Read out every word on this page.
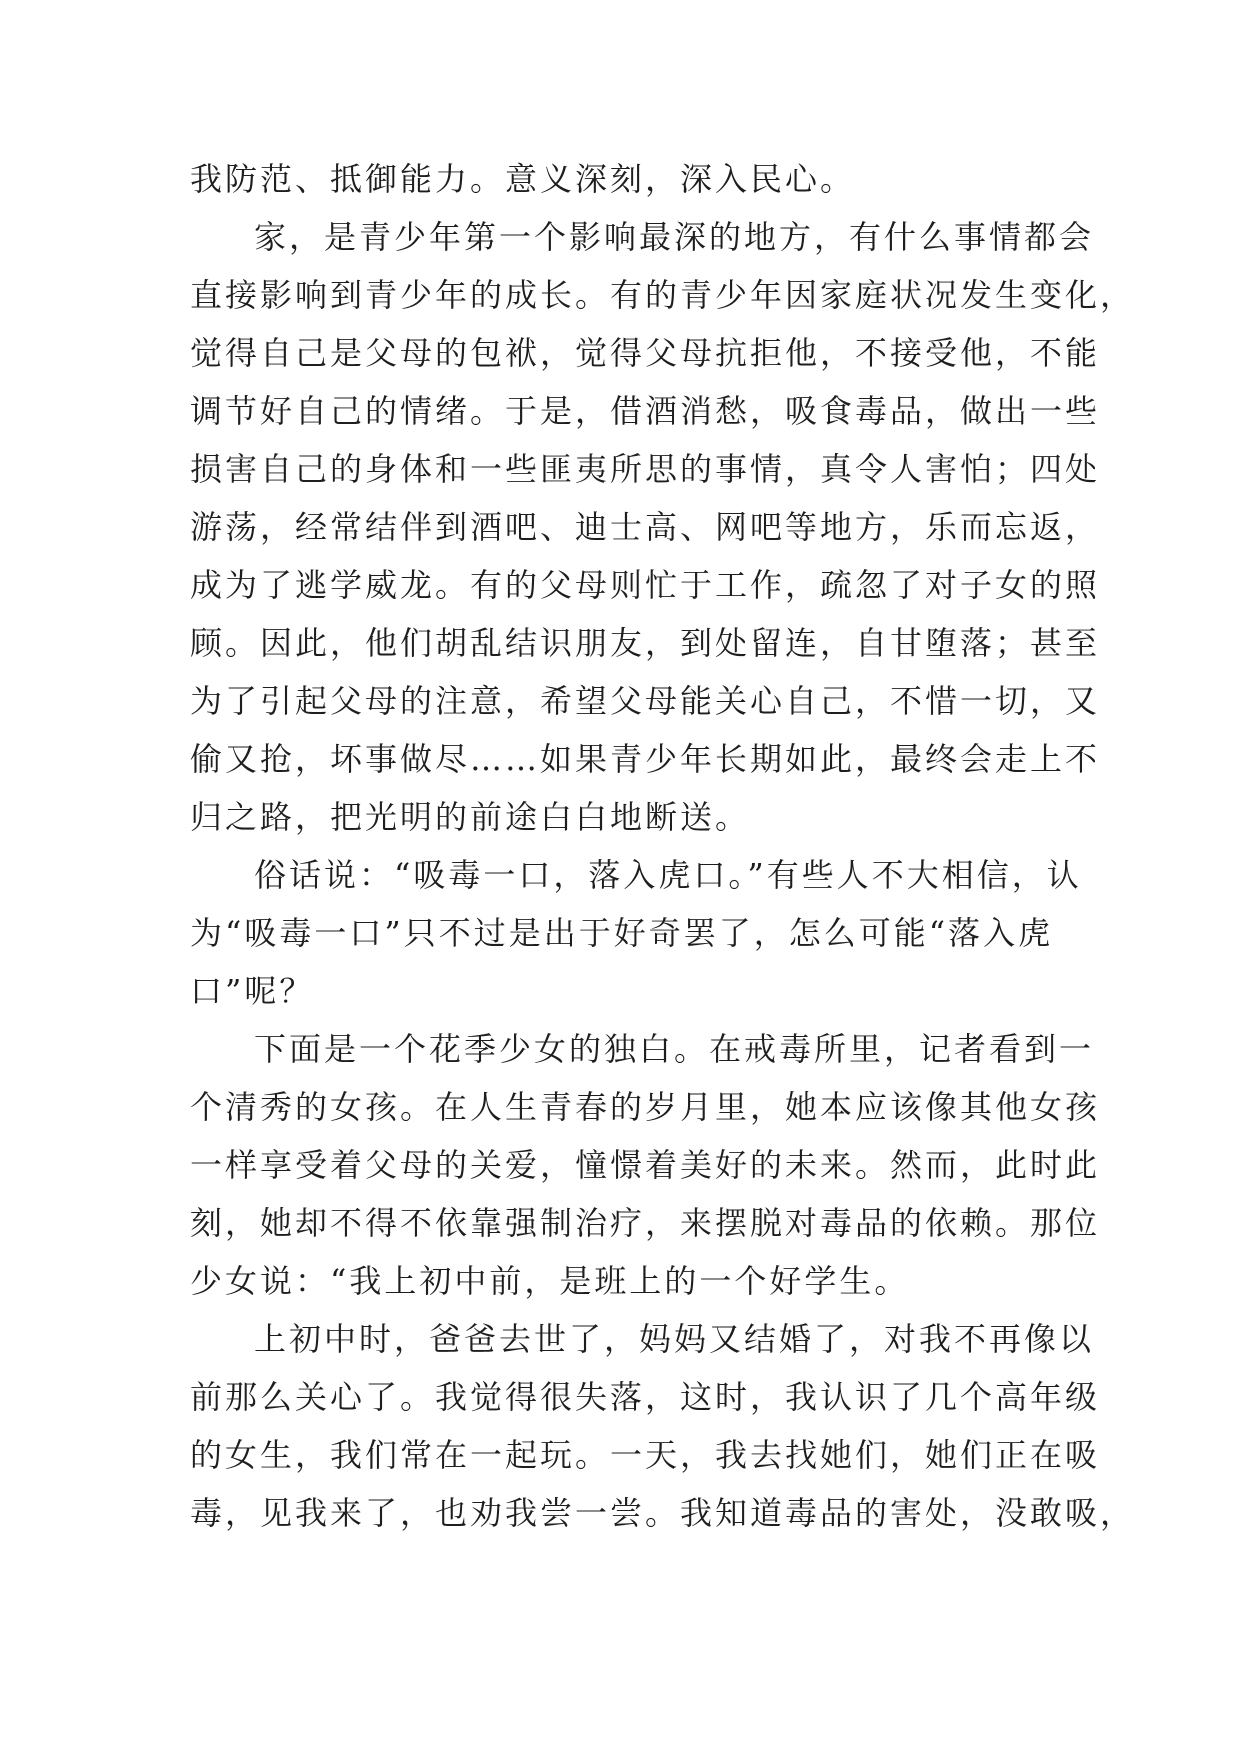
我防范、抵御能力。意义深刻，深入民心。
家，是青少年第一个影响最深的地方，有什么事情都会
直接影响到青少年的成长。有的青少年因家庭状况发生变化，
觉得自己是父母的包袱，觉得父母抗拒他，不接受他，不能
调节好自己的情绪。于是，借酒消愁，吸食毒品，做出一些
损害自己的身体和一些匪夷所思的事情，真令人害怕；四处
游荡，经常结伴到酒吧、迪士高、网吧等地方，乐而忘返，
成为了逃学威龙。有的父母则忙于工作，疏忽了对子女的照
顾。因此，他们胡乱结识朋友，到处留连，自甘堕落；甚至
为了引起父母的注意，希望父母能关心自己，不惜一切，又
偷又抢，坏事做尽……如果青少年长期如此，最终会走上不
归之路，把光明的前途白白地断送。
俗话说：“吸毒一口，落入虎口。”有些人不大相信，认
为“吸毒一口”只不过是出于好奇罢了，怎么可能“落入虎
口”呢？
下面是一个花季少女的独白。在戒毒所里，记者看到一
个清秀的女孩。在人生青春的岁月里，她本应该像其他女孩
一样享受着父母的关爱，憧憬着美好的未来。然而，此时此
刻，她却不得不依靠强制治疗，来摆脱对毒品的依赖。那位
少女说：“我上初中前，是班上的一个好学生。
上初中时，爸爸去世了，妈妈又结婚了，对我不再像以
前那么关心了。我觉得很失落，这时，我认识了几个高年级
的女生，我们常在一起玩。一天，我去找她们，她们正在吸
毒，见我来了，也劝我尝一尝。我知道毒品的害处，没敢吸，
